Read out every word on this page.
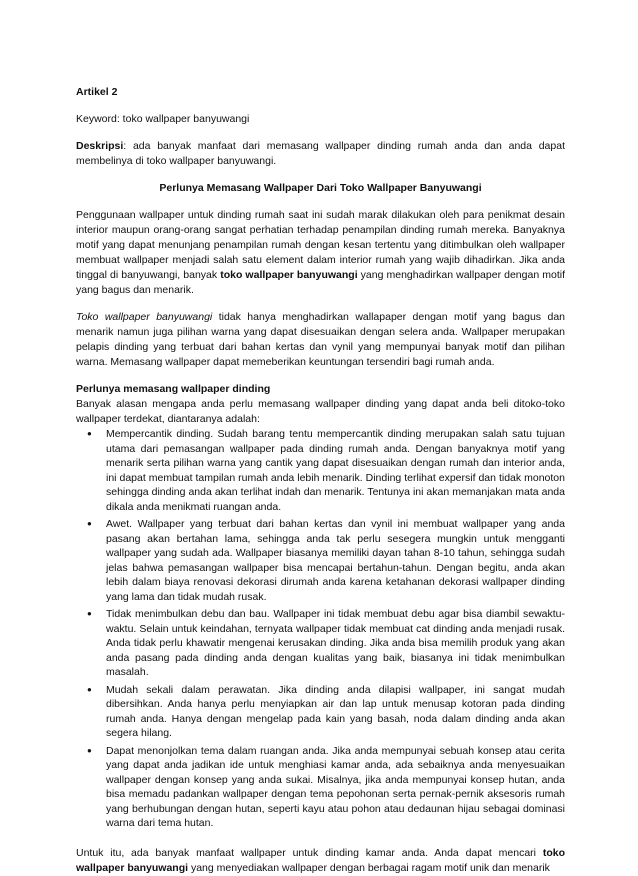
Artikel 2

Keyword: toko wallpaper banyuwangi

Deskripsi: ada banyak manfaat dari memasang wallpaper dinding rumah anda dan anda dapat membelinya di toko wallpaper banyuwangi.

Perlunya Memasang Wallpaper Dari Toko Wallpaper Banyuwangi

Penggunaan wallpaper untuk dinding rumah saat ini sudah marak dilakukan oleh para penikmat desain interior maupun orang-orang sangat perhatian terhadap penampilan dinding rumah mereka. Banyaknya motif yang dapat menunjang penampilan rumah dengan kesan tertentu yang ditimbulkan oleh wallpaper membuat wallpaper menjadi salah satu element dalam interior rumah yang wajib dihadirkan. Jika anda tinggal di banyuwangi, banyak toko wallpaper banyuwangi yang menghadirkan wallpaper dengan motif yang bagus dan menarik.

Toko wallpaper banyuwangi tidak hanya menghadirkan wallapaper dengan motif yang bagus dan menarik namun juga pilihan warna yang dapat disesuaikan dengan selera anda. Wallpaper merupakan pelapis dinding yang terbuat dari bahan kertas dan vynil yang mempunyai banyak motif dan pilihan warna. Memasang wallpaper dapat memeberikan keuntungan tersendiri bagi rumah anda.

Perlunya memasang wallpaper dinding

Banyak alasan mengapa anda perlu memasang wallpaper dinding yang dapat anda beli ditoko-toko wallpaper terdekat, diantaranya adalah:

● Mempercantik dinding. Sudah barang tentu mempercantik dinding merupakan salah satu tujuan utama dari pemasangan wallpaper pada dinding rumah anda. Dengan banyaknya motif yang menarik serta pilihan warna yang cantik yang dapat disesuaikan dengan rumah dan interior anda, ini dapat membuat tampilan rumah anda lebih menarik. Dinding terlihat expersif dan tidak monoton sehingga dinding anda akan terlihat indah dan menarik. Tentunya ini akan memanjakan mata anda dikala anda menikmati ruangan anda.
● Awet. Wallpaper yang terbuat dari bahan kertas dan vynil ini membuat wallpaper yang anda pasang akan bertahan lama, sehingga anda tak perlu sesegera mungkin untuk mengganti wallpaper yang sudah ada. Wallpaper biasanya memiliki dayan tahan 8-10 tahun, sehingga sudah jelas bahwa pemasangan wallpaper bisa mencapai bertahun-tahun. Dengan begitu, anda akan lebih dalam biaya renovasi dekorasi dirumah anda karena ketahanan dekorasi wallpaper dinding yang lama dan tidak mudah rusak.
● Tidak menimbulkan debu dan bau. Wallpaper ini tidak membuat debu agar bisa diambil sewaktu-waktu. Selain untuk keindahan, ternyata wallpaper tidak membuat cat dinding anda menjadi rusak. Anda tidak perlu khawatir mengenai kerusakan dinding. Jika anda bisa memilih produk yang akan anda pasang pada dinding anda dengan kualitas yang baik, biasanya ini tidak menimbulkan masalah.
● Mudah sekali dalam perawatan. Jika dinding anda dilapisi wallpaper, ini sangat mudah dibersihkan. Anda hanya perlu menyiapkan air dan lap untuk menusap kotoran pada dinding rumah anda. Hanya dengan mengelap pada kain yang basah, noda dalam dinding anda akan segera hilang.
● Dapat menonjolkan tema dalam ruangan anda. Jika anda mempunyai sebuah konsep atau cerita yang dapat anda jadikan ide untuk menghiasi kamar anda, ada sebaiknya anda menyesuaikan wallpaper dengan konsep yang anda sukai. Misalnya, jika anda mempunyai konsep hutan, anda bisa memadu padankan wallpaper dengan tema pepohonan serta pernak-pernik aksesoris rumah yang berhubungan dengan hutan, seperti kayu atau pohon atau dedaunan hijau sebagai dominasi warna dari tema hutan.

Untuk itu, ada banyak manfaat wallpaper untuk dinding kamar anda. Anda dapat mencari toko wallpaper banyuwangi yang menyediakan wallpaper dengan berbagai ragam motif unik dan menarik
